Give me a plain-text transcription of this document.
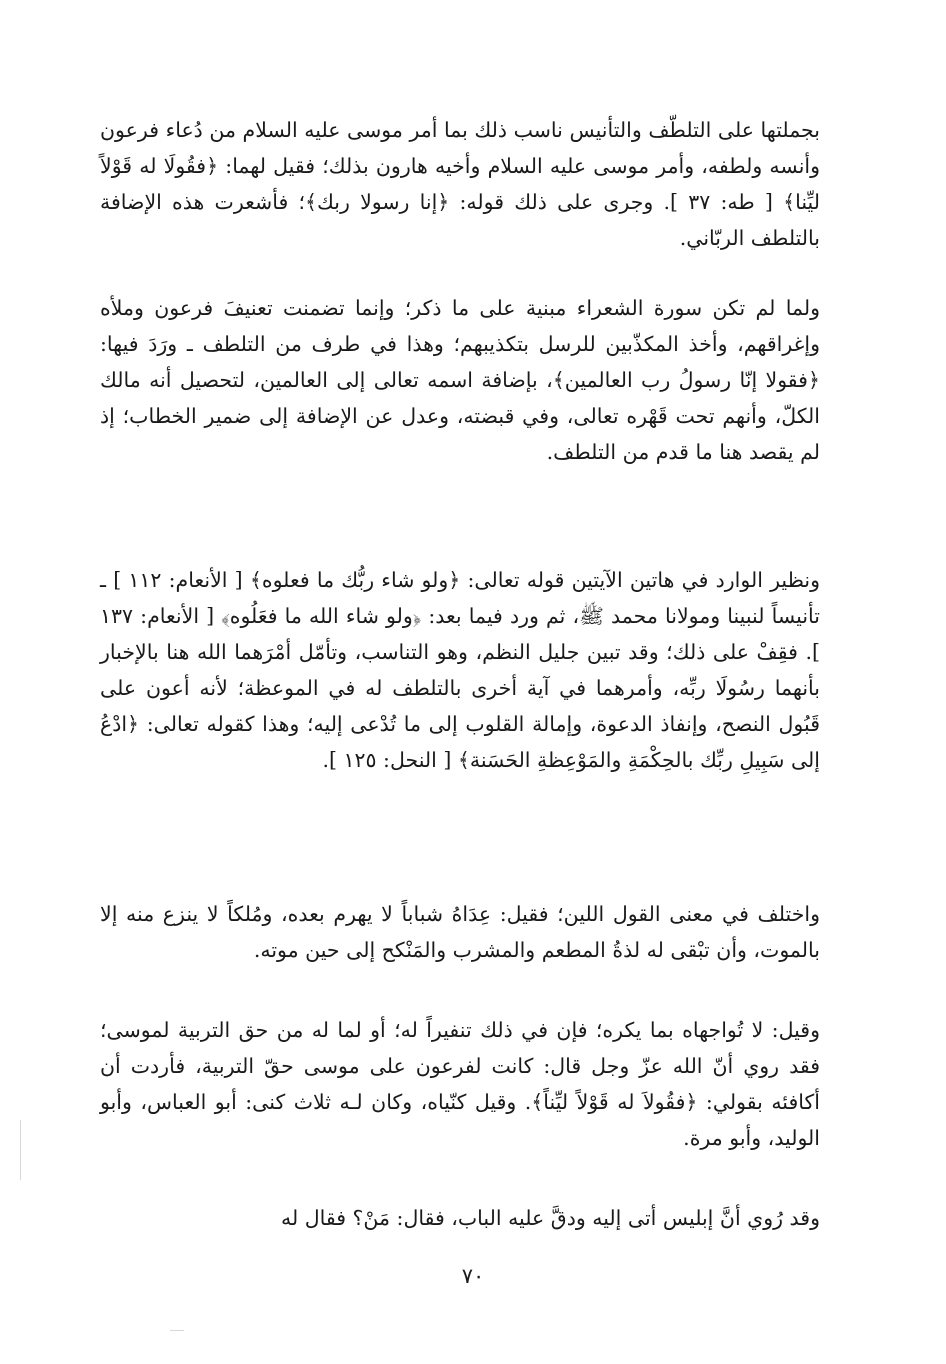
بجملتها على التلطّف والتأنيس ناسب ذلك بما أمر موسى عليه السلام من دُعاء فرعون وأنسه ولطفه، وأمر موسى عليه السلام وأخيه هارون بذلك؛ فقيل لهما: ﴿فقُولَا له قَوْلاً ليِّنا﴾ [ طه: ٣٧ ]. وجرى على ذلك قوله: ﴿إنا رسولا ربك﴾؛ فأشعرت هذه الإضافة بالتلطف الربّاني.

ولما لم تكن سورة الشعراء مبنية على ما ذكر؛ وإنما تضمنت تعنيفَ فرعون وملأه وإغراقهم، وأخذ المكذّبين للرسل بتكذيبهم؛ وهذا في طرف من التلطف ـ ورَدَ فيها: ﴿فقولا إنّا رسولُ رب العالمين﴾، بإضافة اسمه تعالى إلى العالمين، لتحصيل أنه مالك الكلّ، وأنهم تحت قَهْره تعالى، وفي قبضته، وعدل عن الإضافة إلى ضمير الخطاب؛ إذ لم يقصد هنا ما قدم من التلطف.

ونظير الوارد في هاتين الآيتين قوله تعالى: ﴿ولو شاء ربُّك ما فعلوه﴾ [ الأنعام: ١١٢ ] ـ تأنيساً لنبينا ومولانا محمد ﷺ، ثم ورد فيما بعد: ﴿ولو شاء الله ما فعَلُوه﴾ [ الأنعام: ١٣٧ ]. فقِفْ على ذلك؛ وقد تبين جليل النظم، وهو التناسب، وتأمّل أمْرَهما الله هنا بالإخبار بأنهما رسُولَا ربِّه، وأمرهما في آية أخرى بالتلطف له في الموعظة؛ لأنه أعون على قَبُول النصح، وإنفاذ الدعوة، وإمالة القلوب إلى ما تُدْعى إليه؛ وهذا كقوله تعالى: ﴿ادْعُ إلى سَبِيلِ ربِّك بالحِكْمَةِ والمَوْعِظةِ الحَسَنة﴾ [ النحل: ١٢٥ ].

واختلف في معنى القول اللين؛ فقيل: عِدَاهُ شباباً لا يهرم بعده، ومُلكاً لا ينزع منه إلا بالموت، وأن تبْقى له لذةُ المطعم والمشرب والمَنْكح إلى حين موته.

وقيل: لا تُواجهاه بما يكره؛ فإن في ذلك تنفيراً له؛ أو لما له من حق التربية لموسى؛ فقد روي أنّ الله عزّ وجل قال: كانت لفرعون على موسى حقّ التربية، فأردت أن أكافئه بقولي: ﴿فقُولاَ له قَوْلاً ليِّناً﴾. وقيل كنّياه، وكان لـه ثلاث كنى: أبو العباس، وأبو الوليد، وأبو مرة.

وقد رُوي أنَّ إبليس أتى إليه ودقَّ عليه الباب، فقال: مَنْ؟ فقال له

٧٠
